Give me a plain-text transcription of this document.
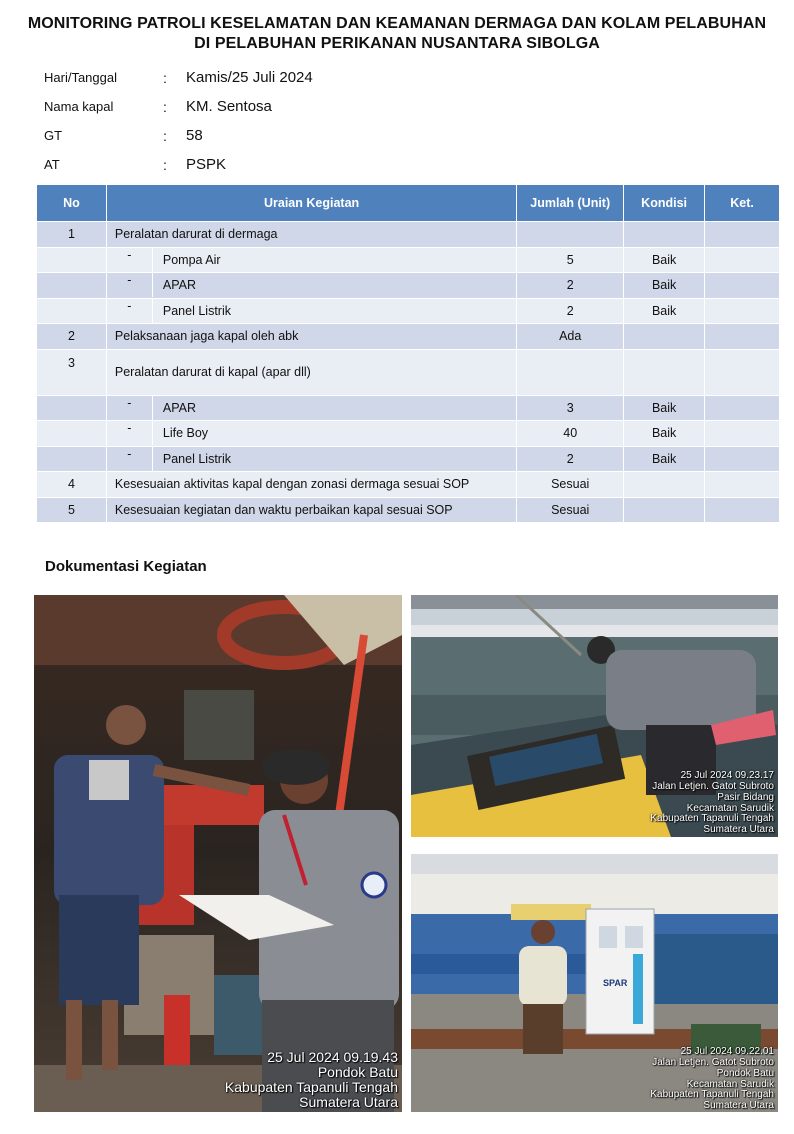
MONITORING PATROLI KESELAMATAN DAN KEAMANAN DERMAGA DAN KOLAM PELABUHAN
DI PELABUHAN PERIKANAN NUSANTARA SIBOLGA
Hari/Tanggal	: Kamis/25 Juli 2024
Nama kapal	: KM. Sentosa
GT	: 58
AT	: PSPK
No	Uraian Kegiatan	Jumlah (Unit)	Kondisi	Ket.
1	Peralatan darurat di dermaga			

	- Pompa Air	5	Baik	

	- APAR	2	Baik	

	- Panel Listrik	2	Baik	
2	Pelaksanaan jaga kapal oleh abk	Ada		
3	Peralatan darurat di kapal (apar dll)			

	- APAR	3	Baik	

	- Life Boy	40	Baik	

	- Panel Listrik	2	Baik	
4	Kesesuaian aktivitas kapal dengan zonasi dermaga sesuai SOP	Sesuai		
5	Kesesuaian kegiatan dan waktu perbaikan kapal sesuai SOP	Sesuai		
Dokumentasi Kegiatan
25 Jul 2024 09.19.43
Pondok Batu
Kabupaten Tapanuli Tengah
Sumatera Utara
25 Jul 2024 09.23.17
Jalan Letjen. Gatot Subroto
Pasir Bidang
Kecamatan Sarudik
Kabupaten Tapanuli Tengah
Sumatera Utara
SPAR
25 Jul 2024 09.22.01
Jalan Letjen. Gatot Subroto
Pondok Batu
Kecamatan Sarudik
Kabupaten Tapanuli Tengah
Sumatera Utara
